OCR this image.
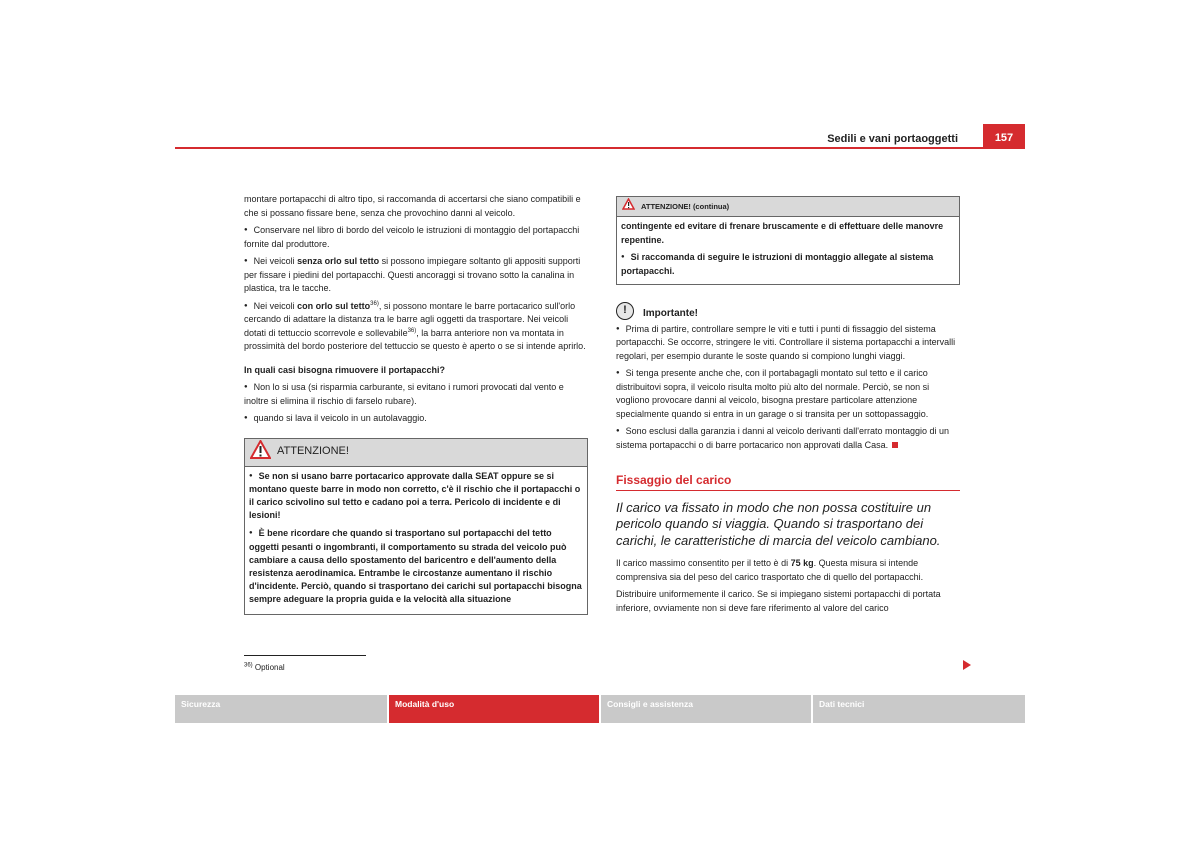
Sedili e vani portaoggetti	157

montare portapacchi di altro tipo, si raccomanda di accertarsi che siano compatibili e che si possano fissare bene, senza che provochino danni al veicolo.

● Conservare nel libro di bordo del veicolo le istruzioni di montaggio del portapacchi fornite dal produttore.

● Nei veicoli senza orlo sul tetto si possono impiegare soltanto gli appositi supporti per fissare i piedini del portapacchi. Questi ancoraggi si trovano sotto la canalina in plastica, tra le tacche.

● Nei veicoli con orlo sul tetto$^{36)}$, si possono montare le barre portacarico sull'orlo cercando di adattare la distanza tra le barre agli oggetti da trasportare. Nei veicoli dotati di tettuccio scorrevole e sollevabile$^{36)}$, la barra anteriore non va montata in prossimità del bordo posteriore del tettuccio se questo è aperto o se si intende aprirlo.

In quali casi bisogna rimuovere il portapacchi?

● Non lo si usa (si risparmia carburante, si evitano i rumori provocati dal vento e inoltre si elimina il rischio di farselo rubare).

● quando si lava il veicolo in un autolavaggio.

ATTENZIONE!

● Se non si usano barre portacarico approvate dalla SEAT oppure se si montano queste barre in modo non corretto, c'è il rischio che il portapacchi o il carico scivolino sul tetto e cadano poi a terra. Pericolo di incidente e di lesioni!

● È bene ricordare che quando si trasportano sul portapacchi del tetto oggetti pesanti o ingombranti, il comportamento su strada del veicolo può cambiare a causa dello spostamento del baricentro e dell'aumento della resistenza aerodinamica. Entrambe le circostanze aumentano il rischio d'incidente. Perciò, quando si trasportano dei carichi sul portapacchi bisogna sempre adeguare la propria guida e la velocità alla situazione

$^{36)}$ Optional
ATTENZIONE! (continua)

contingente ed evitare di frenare bruscamente e di effettuare delle manovre repentine.

● Si raccomanda di seguire le istruzioni di montaggio allegate al sistema portapacchi.

!	Importante!

● Prima di partire, controllare sempre le viti e tutti i punti di fissaggio del sistema portapacchi. Se occorre, stringere le viti. Controllare il sistema portapacchi a intervalli regolari, per esempio durante le soste quando si compiono lunghi viaggi.

● Si tenga presente anche che, con il portabagagli montato sul tetto e il carico distribuitovi sopra, il veicolo risulta molto più alto del normale. Perciò, se non si vogliono provocare danni al veicolo, bisogna prestare particolare attenzione specialmente quando si entra in un garage o si transita per un sottopassaggio.

● Sono esclusi dalla garanzia i danni al veicolo derivanti dall'errato montaggio di un sistema portapacchi o di barre portacarico non approvati dalla Casa.

Fissaggio del carico
Il carico va fissato in modo che non possa costituire un pericolo quando si viaggia. Quando si trasportano dei carichi, le caratteristiche di marcia del veicolo cambiano.

Il carico massimo consentito per il tetto è di 75 kg. Questa misura si intende comprensiva sia del peso del carico trasportato che di quello del portapacchi.

Distribuire uniformemente il carico. Se si impiegano sistemi portapacchi di portata inferiore, ovviamente non si deve fare riferimento al valore del carico

Sicurezza	Modalità d'uso	Consigli e assistenza	Dati tecnici
